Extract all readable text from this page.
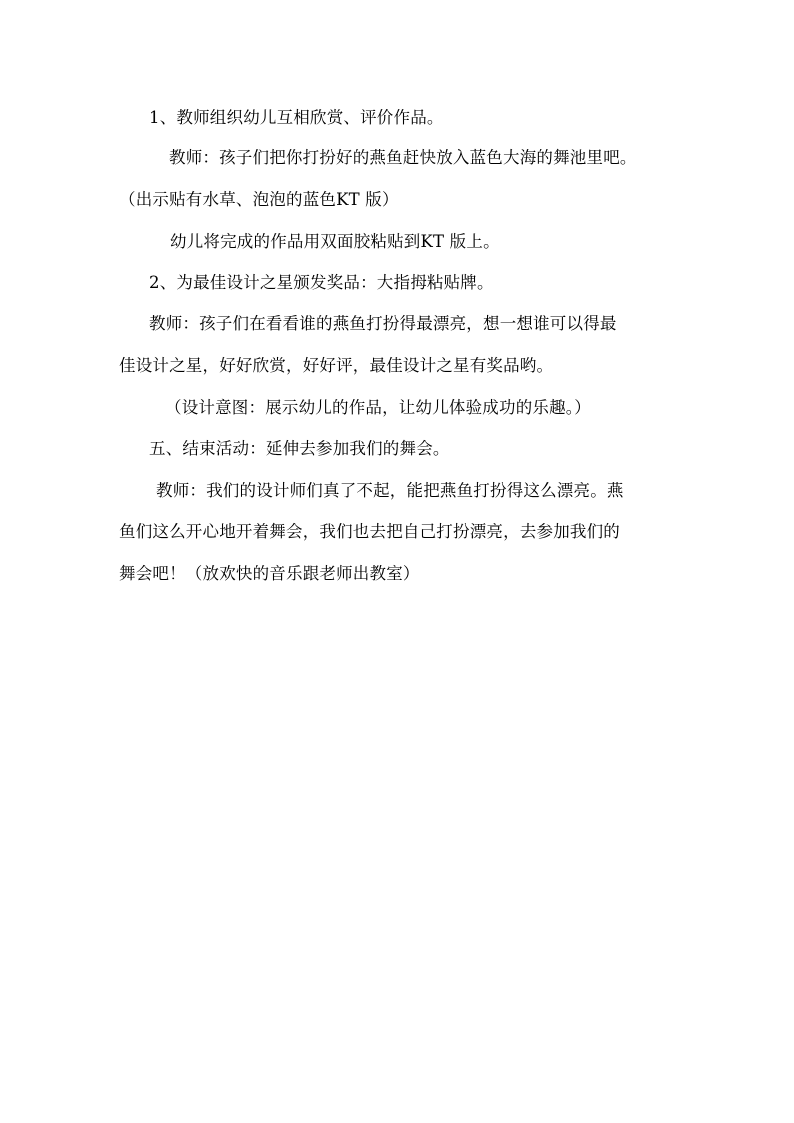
1、教师组织幼儿互相欣赏、评价作品。
教师：孩子们把你打扮好的燕鱼赶快放入蓝色大海的舞池里吧。
（出示贴有水草、泡泡的蓝色KT 版）
幼儿将完成的作品用双面胶粘贴到KT 版上。
2、为最佳设计之星颁发奖品：大指拇粘贴牌。
教师：孩子们在看看谁的燕鱼打扮得最漂亮，想一想谁可以得最
佳设计之星，好好欣赏，好好评，最佳设计之星有奖品哟。
（设计意图：展示幼儿的作品，让幼儿体验成功的乐趣。）
五、结束活动：延伸去参加我们的舞会。
教师：我们的设计师们真了不起，能把燕鱼打扮得这么漂亮。燕
鱼们这么开心地开着舞会，我们也去把自己打扮漂亮，去参加我们的
舞会吧！（放欢快的音乐跟老师出教室）
